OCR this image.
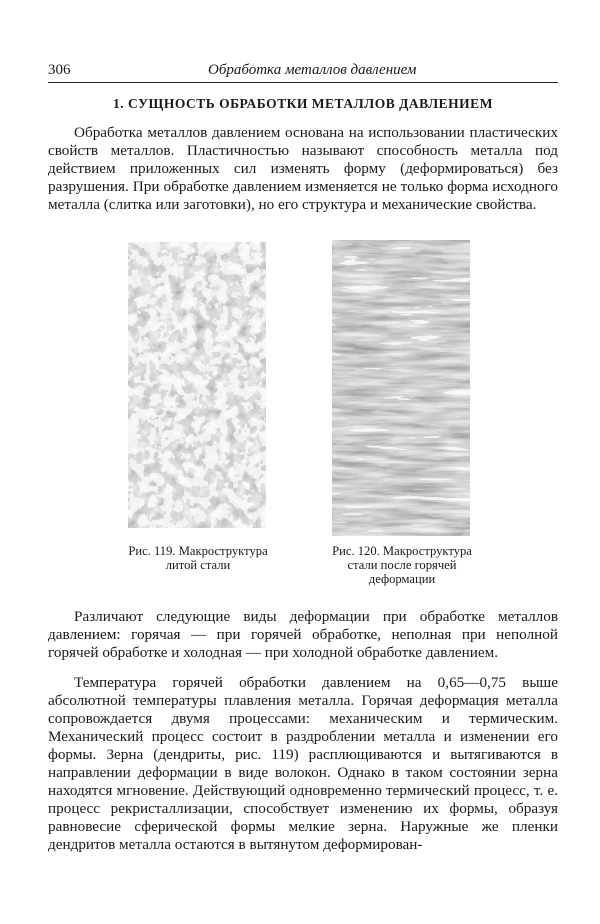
306	Обработка металлов давлением
1. СУЩНОСТЬ ОБРАБОТКИ МЕТАЛЛОВ ДАВЛЕНИЕМ

Обработка металлов давлением основана на использовании пластических свойств металлов. Пластичностью называют способность металла под действием приложенных сил изменять форму (деформироваться) без разрушения. При обработке давлением изменяется не только форма исходного металла (слитка или заготовки), но его структура и механические свойства.

Рис. 119. Макроструктура литой стали
Рис. 120. Макроструктура стали после горячей деформации

Различают следующие виды деформации при обработке металлов давлением: горячая — при горячей обработке, неполная при неполной горячей обработке и холодная — при холодной обработке давлением.

Температура горячей обработки давлением на 0,65—0,75 выше абсолютной температуры плавления металла. Горячая деформация металла сопровождается двумя процессами: механическим и термическим. Механический процесс состоит в раздроблении металла и изменении его формы. Зерна (дендриты, рис. 119) расплющиваются и вытягиваются в направлении деформации в виде волокон. Однако в таком состоянии зерна находятся мгновение. Действующий одновременно термический процесс, т. е. процесс рекристаллизации, способствует изменению их формы, образуя равновесие сферической формы мелкие зерна. Наружные же пленки дендритов металла остаются в вытянутом деформирован-
